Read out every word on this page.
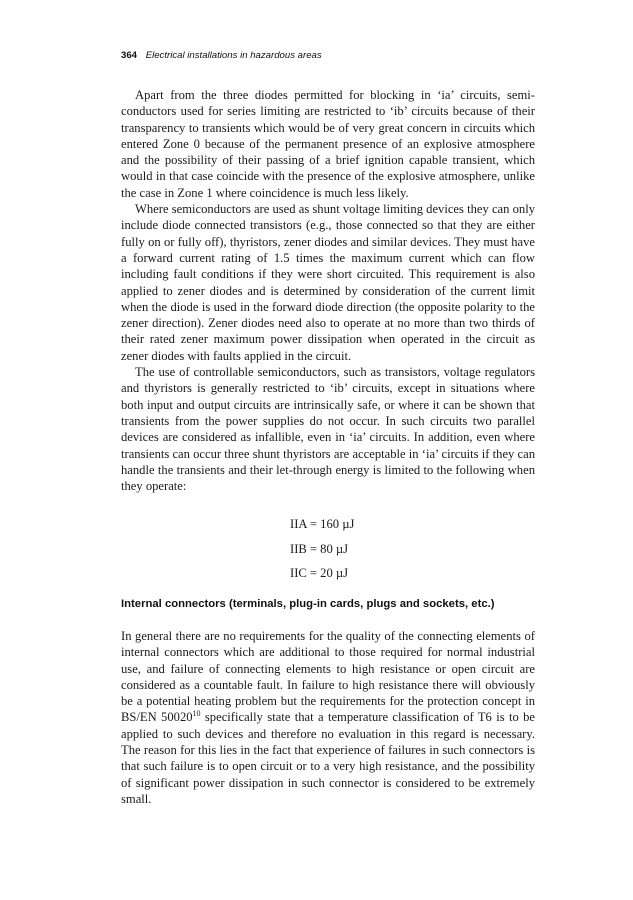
364 Electrical installations in hazardous areas

Apart from the three diodes permitted for blocking in ‘ia’ circuits, semiconductors used for series limiting are restricted to ‘ib’ circuits because of their transparency to transients which would be of very great concern in circuits which entered Zone 0 because of the permanent presence of an explosive atmosphere and the possibility of their passing of a brief ignition capable transient, which would in that case coincide with the presence of the explosive atmosphere, unlike the case in Zone 1 where coincidence is much less likely.

Where semiconductors are used as shunt voltage limiting devices they can only include diode connected transistors (e.g., those connected so that they are either fully on or fully off), thyristors, zener diodes and similar devices. They must have a forward current rating of 1.5 times the maximum current which can flow including fault conditions if they were short circuited. This requirement is also applied to zener diodes and is determined by consideration of the current limit when the diode is used in the forward diode direction (the opposite polarity to the zener direction). Zener diodes need also to operate at no more than two thirds of their rated zener maximum power dissipation when operated in the circuit as zener diodes with faults applied in the circuit.

The use of controllable semiconductors, such as transistors, voltage regulators and thyristors is generally restricted to ‘ib’ circuits, except in situations where both input and output circuits are intrinsically safe, or where it can be shown that transients from the power supplies do not occur. In such circuits two parallel devices are considered as infallible, even in ‘ia’ circuits. In addition, even where transients can occur three shunt thyristors are acceptable in ‘ia’ circuits if they can handle the transients and their let-through energy is limited to the following when they operate:

IIA = 160 µJ
IIB = 80 µJ
IIC = 20 µJ
Internal connectors (terminals, plug-in cards, plugs and sockets, etc.)

In general there are no requirements for the quality of the connecting elements of internal connectors which are additional to those required for normal industrial use, and failure of connecting elements to high resistance or open circuit are considered as a countable fault. In failure to high resistance there will obviously be a potential heating problem but the requirements for the protection concept in BS/EN 50020$^{10}$ specifically state that a temperature classification of T6 is to be applied to such devices and therefore no evaluation in this regard is necessary. The reason for this lies in the fact that experience of failures in such connectors is that such failure is to open circuit or to a very high resistance, and the possibility of significant power dissipation in such connector is considered to be extremely small.
